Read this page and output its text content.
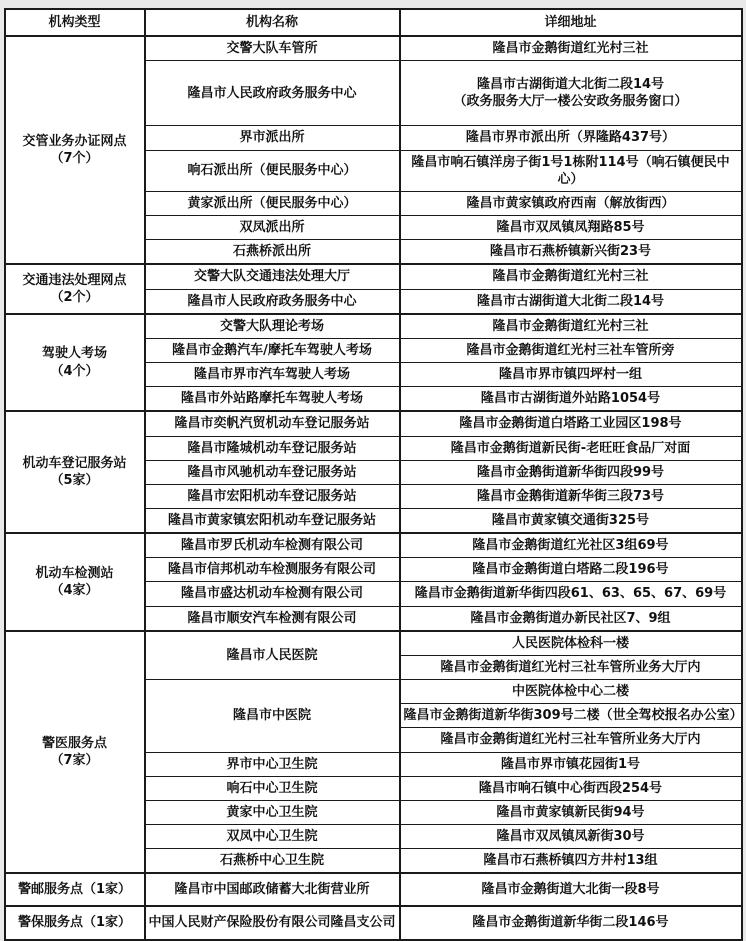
机构类型	机构名称	详细地址
交管业务办证网点
（7个）	交警大队车管所	隆昌市金鹅街道红光村三社
	隆昌市人民政府政务服务中心	隆昌市古湖街道大北街二段14号
（政务服务大厅一楼公安政务服务窗口）
	界市派出所	隆昌市界市派出所（界隆路437号）
	响石派出所（便民服务中心）	隆昌市响石镇洋房子街1号1栋附114号（响石镇便民中心）
	黄家派出所（便民服务中心）	隆昌市黄家镇政府西南（解放街西）
	双凤派出所	隆昌市双凤镇凤翔路85号
	石燕桥派出所	隆昌市石燕桥镇新兴街23号
交通违法处理网点
（2个）	交警大队交通违法处理大厅	隆昌市金鹅街道红光村三社
	隆昌市人民政府政务服务中心	隆昌市古湖街道大北街二段14号
驾驶人考场
（4个）	交警大队理论考场	隆昌市金鹅街道红光村三社
	隆昌市金鹅汽车/摩托车驾驶人考场	隆昌市金鹅街道红光村三社车管所旁
	隆昌市界市汽车驾驶人考场	隆昌市界市镇四坪村一组
	隆昌市外站路摩托车驾驶人考场	隆昌市古湖街道外站路1054号
机动车登记服务站
（5家）	隆昌市奕帆汽贸机动车登记服务站	隆昌市金鹅街道白塔路工业园区198号
	隆昌市隆城机动车登记服务站	隆昌市金鹅街道新民街-老旺旺食品厂对面
	隆昌市风驰机动车登记服务站	隆昌市金鹅街道新华街四段99号
	隆昌市宏阳机动车登记服务站	隆昌市金鹅街道新华街三段73号
	隆昌市黄家镇宏阳机动车登记服务站	隆昌市黄家镇交通街325号
机动车检测站
（4家）	隆昌市罗氏机动车检测有限公司	隆昌市金鹅街道红光社区3组69号
	隆昌市信邦机动车检测服务有限公司	隆昌市金鹅街道白塔路二段196号
	隆昌市盛达机动车检测有限公司	隆昌市金鹅街道新华街四段61、63、65、67、69号
	隆昌市顺安汽车检测有限公司	隆昌市金鹅街道办新民社区7、9组
警医服务点
（7家）	隆昌市人民医院	人民医院体检科一楼
		隆昌市金鹅街道红光村三社车管所业务大厅内
	隆昌市中医院	中医院体检中心二楼
		隆昌市金鹅街道新华街309号二楼（世全驾校报名办公室）
		隆昌市金鹅街道红光村三社车管所业务大厅内
	界市中心卫生院	隆昌市界市镇花园街1号
	响石中心卫生院	隆昌市响石镇中心街西段254号
	黄家中心卫生院	隆昌市黄家镇新民街94号
	双凤中心卫生院	隆昌市双凤镇凤新街30号
	石燕桥中心卫生院	隆昌市石燕桥镇四方井村13组
警邮服务点（1家）	隆昌市中国邮政储蓄大北街营业所	隆昌市金鹅街道大北街一段8号
警保服务点（1家）	中国人民财产保险股份有限公司隆昌支公司	隆昌市金鹅街道新华街二段146号
